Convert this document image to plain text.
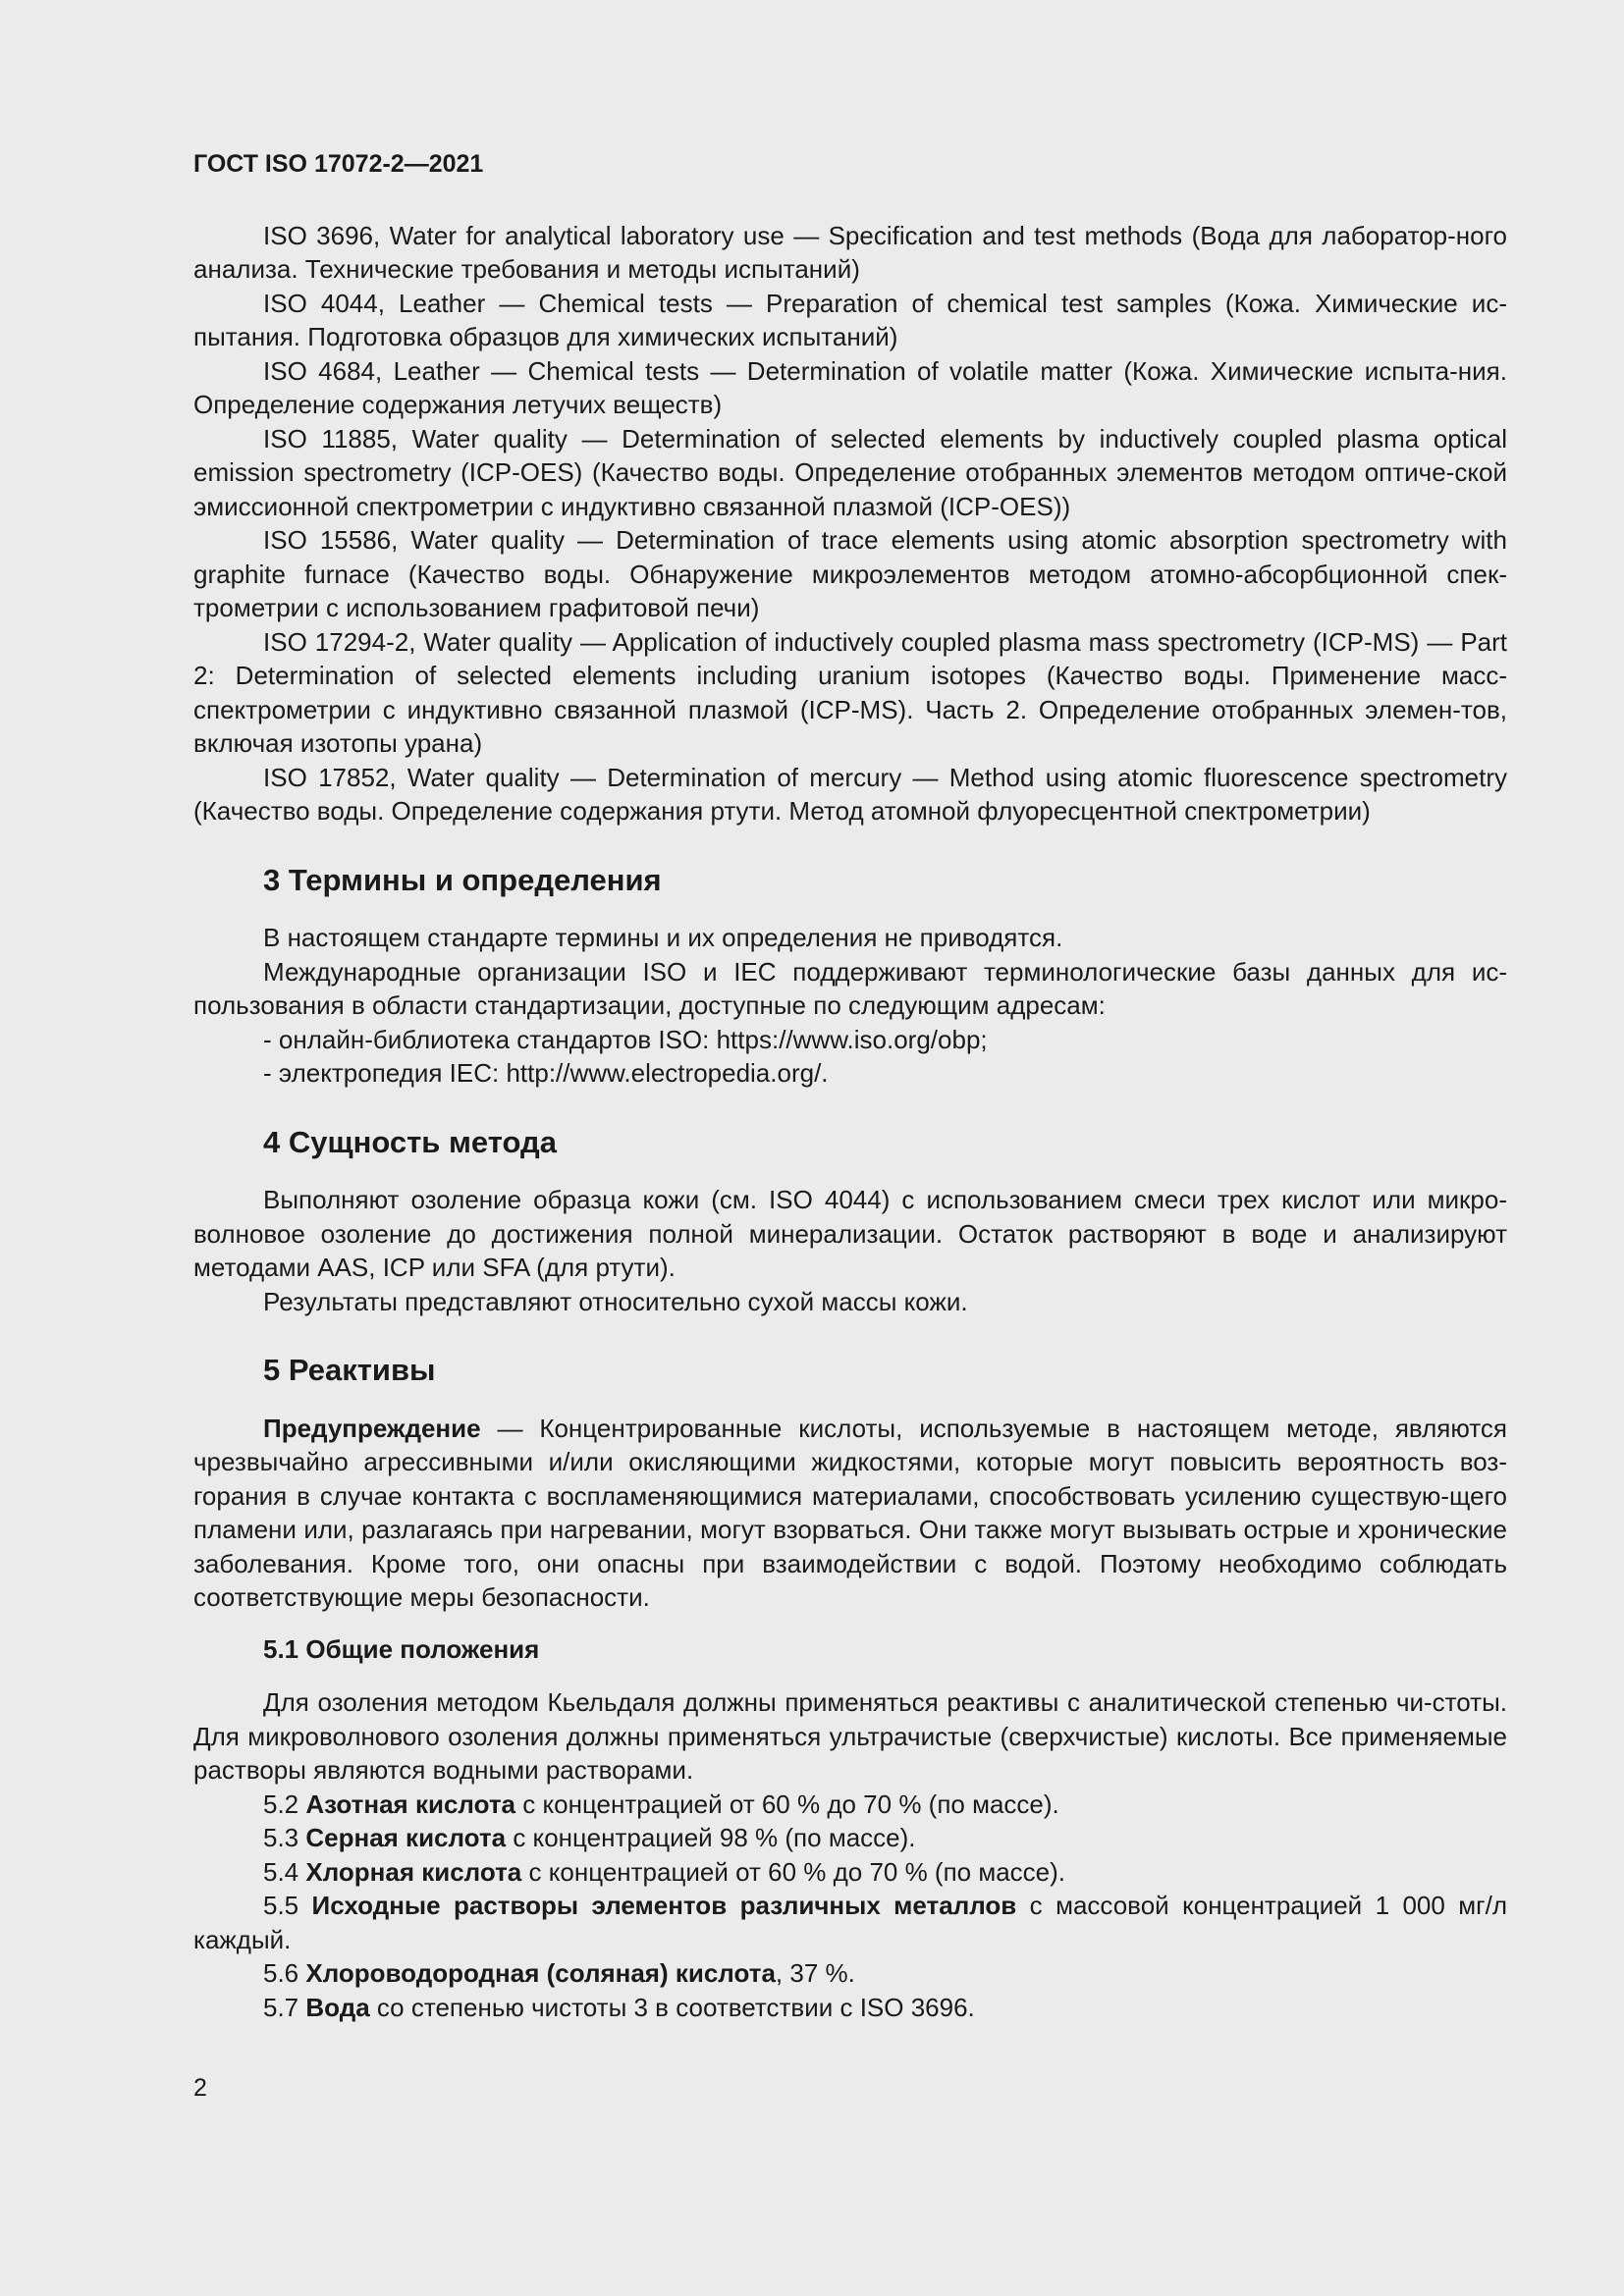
ГОСТ ISO 17072-2—2021

ISO 3696, Water for analytical laboratory use — Specification and test methods (Вода для лаборатор-ного анализа. Технические требования и методы испытаний)

ISO 4044, Leather — Chemical tests — Preparation of chemical test samples (Кожа. Химические ис-пытания. Подготовка образцов для химических испытаний)

ISO 4684, Leather — Chemical tests — Determination of volatile matter (Кожа. Химические испыта-ния. Определение содержания летучих веществ)

ISO 11885, Water quality — Determination of selected elements by inductively coupled plasma optical emission spectrometry (ICP-OES) (Качество воды. Определение отобранных элементов методом оптиче-ской эмиссионной спектрометрии с индуктивно связанной плазмой (ICP-OES))

ISO 15586, Water quality — Determination of trace elements using atomic absorption spectrometry with graphite furnace (Качество воды. Обнаружение микроэлементов методом атомно-абсорбционной спек-трометрии с использованием графитовой печи)

ISO 17294-2, Water quality — Application of inductively coupled plasma mass spectrometry (ICP-MS) — Part 2: Determination of selected elements including uranium isotopes (Качество воды. Применение масс-спектрометрии с индуктивно связанной плазмой (ICP-MS). Часть 2. Определение отобранных элемен-тов, включая изотопы урана)

ISO 17852, Water quality — Determination of mercury — Method using atomic fluorescence spectrometry (Качество воды. Определение содержания ртути. Метод атомной флуоресцентной спектрометрии)

3 Термины и определения

В настоящем стандарте термины и их определения не приводятся.

Международные организации ISO и IEC поддерживают терминологические базы данных для ис-пользования в области стандартизации, доступные по следующим адресам:

- онлайн-библиотека стандартов ISO: https://www.iso.org/obp;

- электропедия IEC: http://www.electropedia.org/.

4 Сущность метода

Выполняют озоление образца кожи (см. ISO 4044) с использованием смеси трех кислот или микро-волновое озоление до достижения полной минерализации. Остаток растворяют в воде и анализируют методами AAS, ICP или SFA (для ртути).

Результаты представляют относительно сухой массы кожи.

5 Реактивы

Предупреждение — Концентрированные кислоты, используемые в настоящем методе, являются чрезвычайно агрессивными и/или окисляющими жидкостями, которые могут повысить вероятность воз-горания в случае контакта с воспламеняющимися материалами, способствовать усилению существую-щего пламени или, разлагаясь при нагревании, могут взорваться. Они также могут вызывать острые и хронические заболевания. Кроме того, они опасны при взаимодействии с водой. Поэтому необходимо соблюдать соответствующие меры безопасности.

5.1 Общие положения

Для озоления методом Кьельдаля должны применяться реактивы с аналитической степенью чи-стоты. Для микроволнового озоления должны применяться ультрачистые (сверхчистые) кислоты. Все применяемые растворы являются водными растворами.

5.2 Азотная кислота с концентрацией от 60 % до 70 % (по массе).

5.3 Серная кислота с концентрацией 98 % (по массе).

5.4 Хлорная кислота с концентрацией от 60 % до 70 % (по массе).

5.5 Исходные растворы элементов различных металлов с массовой концентрацией 1 000 мг/л каждый.

5.6 Хлороводородная (соляная) кислота, 37 %.

5.7 Вода со степенью чистоты 3 в соответствии с ISO 3696.

2
